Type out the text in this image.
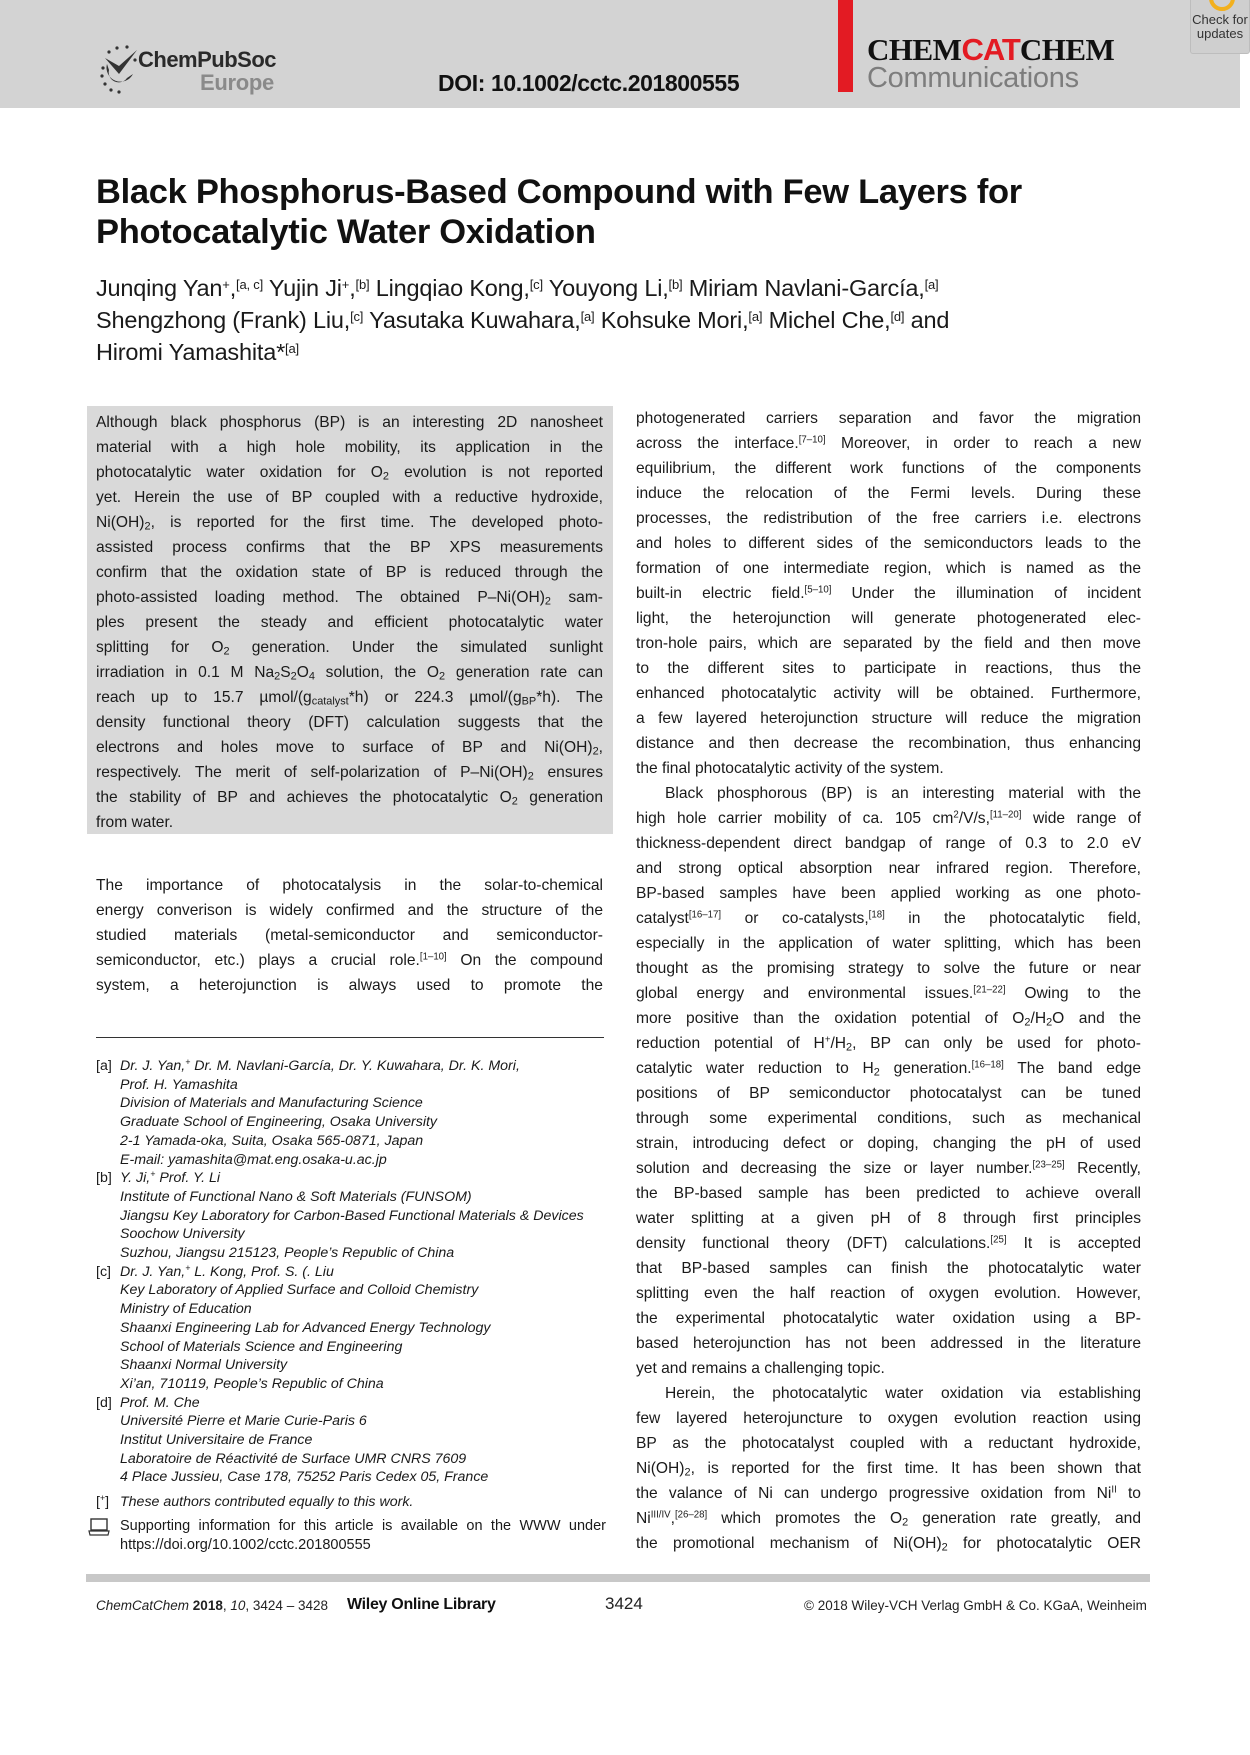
ChemPubSoc
Europe	DOI: 10.1002/cctc.201800555
CHEMCATCHEM
Communications
Check for updates
Black Phosphorus-Based Compound with Few Layers for
Photocatalytic Water Oxidation
Junqing Yan+,[a, c] Yujin Ji+,[b] Lingqiao Kong,[c] Youyong Li,[b] Miriam Navlani-García,[a]
Shengzhong (Frank) Liu,[c] Yasutaka Kuwahara,[a] Kohsuke Mori,[a] Michel Che,[d] and
Hiromi Yamashita*[a]
Although black phosphorus (BP) is an interesting 2D nanosheet
material with a high hole mobility, its application in the
photocatalytic water oxidation for $O_2$ evolution is not reported
yet. Herein the use of BP coupled with a reductive hydroxide,
$Ni(OH)_2$, is reported for the first time. The developed photo-
assisted process confirms that the BP XPS measurements
confirm that the oxidation state of BP is reduced through the
photo-assisted loading method. The obtained $P-Ni(OH)_2$ sam-
ples present the steady and efficient photocatalytic water
splitting for $O_2$ generation. Under the simulated sunlight
irradiation in 0.1 M $Na_2S_2O_4$ solution, the $O_2$ generation rate can
reach up to 15.7 µmol/$(g_{catalyst}*h)$ or 224.3 µmol/$(g_{BP}*h)$. The
density functional theory (DFT) calculation suggests that the
electrons and holes move to surface of BP and $Ni(OH)_2$,
respectively. The merit of self-polarization of $P-Ni(OH)_2$ ensures
the stability of BP and achieves the photocatalytic $O_2$ generation
from water.
The importance of photocatalysis in the solar-to-chemical
energy converison is widely confirmed and the structure of the
studied materials (metal-semiconductor and semiconductor-
semiconductor, etc.) plays a crucial role.[1–10] On the compound
system, a heterojunction is always used to promote the
photogenerated carriers separation and favor the migration
across the interface.[7–10] Moreover, in order to reach a new
equilibrium, the different work functions of the components
induce the relocation of the Fermi levels. During these
processes, the redistribution of the free carriers i.e. electrons
and holes to different sides of the semiconductors leads to the
formation of one intermediate region, which is named as the
built-in electric field.[5–10] Under the illumination of incident
light, the heterojunction will generate photogenerated elec-
tron-hole pairs, which are separated by the field and then move
to the different sites to participate in reactions, thus the
enhanced photocatalytic activity will be obtained. Furthermore,
a few layered heterojunction structure will reduce the migration
distance and then decrease the recombination, thus enhancing
the final photocatalytic activity of the system.
Black phosphorous (BP) is an interesting material with the
high hole carrier mobility of ca. 105 $cm^2/V/s,[11-20]$ wide range of
thickness-dependent direct bandgap of range of 0.3 to 2.0 eV
and strong optical absorption near infrared region. Therefore,
BP-based samples have been applied working as one photo-
catalyst[16–17] or co-catalysts,[18] in the photocatalytic field,
especially in the application of water splitting, which has been
thought as the promising strategy to solve the future or near
global energy and environmental issues.[21–22] Owing to the
more positive than the oxidation potential of $O_2/H_2O$ and the
reduction potential of $H^+/H_2$, BP can only be used for photo-
catalytic water reduction to $H_2$ generation.[16–18] The band edge
positions of BP semiconductor photocatalyst can be tuned
through some experimental conditions, such as mechanical
strain, introducing defect or doping, changing the pH of used
solution and decreasing the size or layer number.[23–25] Recently,
the BP-based sample has been predicted to achieve overall
water splitting at a given pH of 8 through first principles
density functional theory (DFT) calculations.[25] It is accepted
that BP-based samples can finish the photocatalytic water
splitting even the half reaction of oxygen evolution. However,
the experimental photocatalytic water oxidation using a BP-
based heterojunction has not been addressed in the literature
yet and remains a challenging topic.
Herein, the photocatalytic water oxidation via establishing
few layered heterojuncture to oxygen evolution reaction using
BP as the photocatalyst coupled with a reductant hydroxide,
$Ni(OH)_2$, is reported for the first time. It has been shown that
the valance of Ni can undergo progressive oxidation from $Ni^{II}$ to
$Ni^{III/IV},[26-28]$ which promotes the $O_2$ generation rate greatly, and
the promotional mechanism of $Ni(OH)_2$ for photocatalytic OER
[a] Dr. J. Yan,+ Dr. M. Navlani-García, Dr. Y. Kuwahara, Dr. K. Mori,
Prof. H. Yamashita
Division of Materials and Manufacturing Science
Graduate School of Engineering, Osaka University
2-1 Yamada-oka, Suita, Osaka 565-0871, Japan
E-mail: yamashita@mat.eng.osaka-u.ac.jp
[b] Y. Ji,+ Prof. Y. Li
Institute of Functional Nano & Soft Materials (FUNSOM)
Jiangsu Key Laboratory for Carbon-Based Functional Materials & Devices
Soochow University
Suzhou, Jiangsu 215123, People’s Republic of China
[c] Dr. J. Yan,+ L. Kong, Prof. S. (. Liu
Key Laboratory of Applied Surface and Colloid Chemistry
Ministry of Education
Shaanxi Engineering Lab for Advanced Energy Technology
School of Materials Science and Engineering
Shaanxi Normal University
Xi’an, 710119, People’s Republic of China
[d] Prof. M. Che
Université Pierre et Marie Curie-Paris 6
Institut Universitaire de France
Laboratoire de Réactivité de Surface UMR CNRS 7609
4 Place Jussieu, Case 178, 75252 Paris Cedex 05, France
[+] These authors contributed equally to this work.
Supporting information for this article is available on the WWW under
https://doi.org/10.1002/cctc.201800555
ChemCatChem 2018, 10, 3424 – 3428 Wiley Online Library	3424	© 2018 Wiley-VCH Verlag GmbH & Co. KGaA, Weinheim
